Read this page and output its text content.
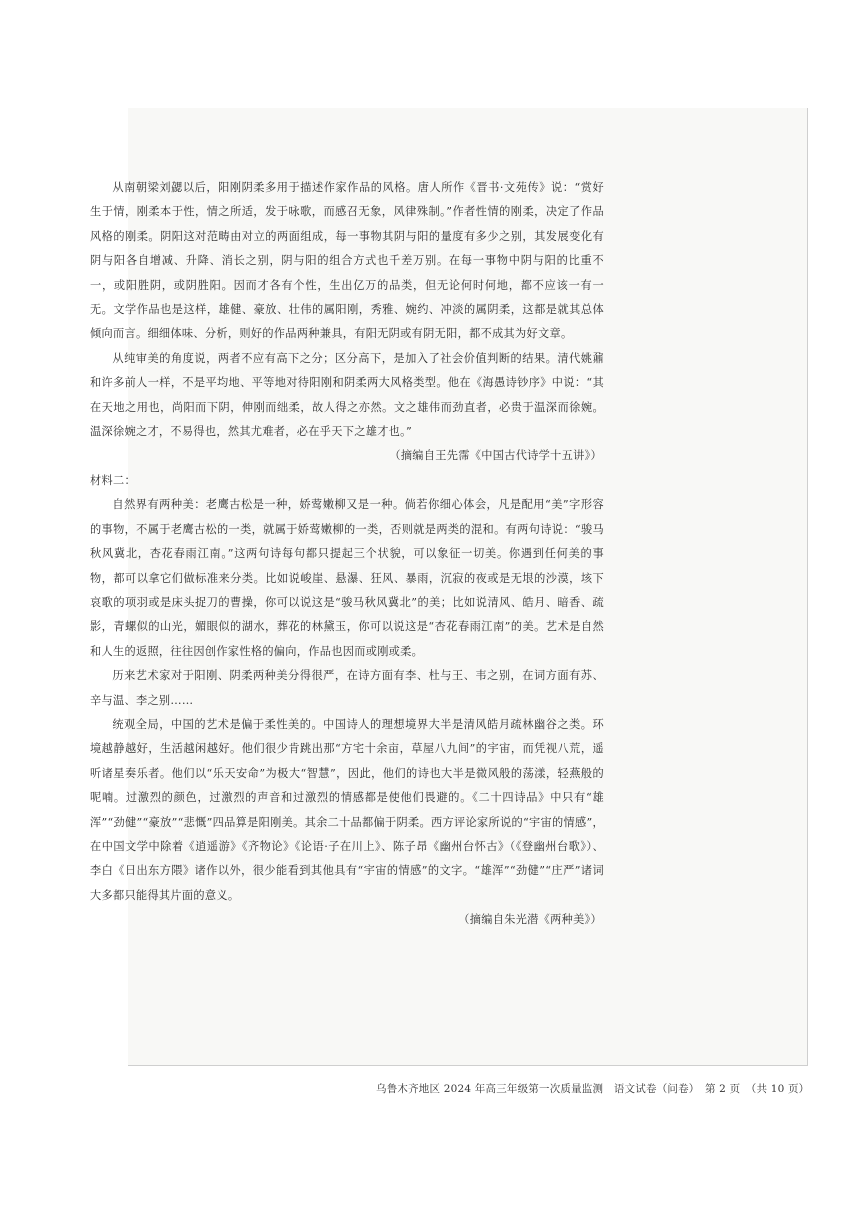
乌鲁木齐地区 2024 年高三年级第一次质量监测　语文试卷（问卷）　第 2 页　（共 10 页）

从南朝梁刘勰以后，阳刚阴柔多用于描述作家作品的风格。唐人所作《晋书·文苑传》说：“赏好生于情，刚柔本于性，情之所适，发于咏歌，而感召无象，风律殊制。”作者性情的刚柔，决定了作品风格的刚柔。阴阳这对范畴由对立的两面组成，每一事物其阴与阳的量度有多少之别，其发展变化有阴与阳各自增减、升降、消长之别，阴与阳的组合方式也千差万别。在每一事物中阴与阳的比重不一，或阳胜阴，或阴胜阳。因而才各有个性，生出亿万的品类，但无论何时何地，都不应该一有一无。文学作品也是这样，雄健、豪放、壮伟的属阳刚，秀雅、婉约、冲淡的属阴柔，这都是就其总体倾向而言。细细体味、分析，则好的作品两种兼具，有阳无阴或有阴无阳，都不成其为好文章。

从纯审美的角度说，两者不应有高下之分；区分高下，是加入了社会价值判断的结果。清代姚鼐和许多前人一样，不是平均地、平等地对待阳刚和阴柔两大风格类型。他在《海愚诗钞序》中说：“其在天地之用也，尚阳而下阴，伸刚而绌柔，故人得之亦然。文之雄伟而劲直者，必贵于温深而徐婉。温深徐婉之才，不易得也，然其尤难者，必在乎天下之雄才也。”

（摘编自王先霈《中国古代诗学十五讲》）

材料二：

自然界有两种美：老鹰古松是一种，娇莺嫩柳又是一种。倘若你细心体会，凡是配用“美”字形容的事物，不属于老鹰古松的一类，就属于娇莺嫩柳的一类，否则就是两类的混和。有两句诗说：“骏马秋风冀北，杏花春雨江南。”这两句诗每句都只提起三个状貌，可以象征一切美。你遇到任何美的事物，都可以拿它们做标准来分类。比如说峻崖、悬瀑、狂风、暴雨，沉寂的夜或是无垠的沙漠，垓下哀歌的项羽或是床头捉刀的曹操，你可以说这是“骏马秋风冀北”的美；比如说清风、皓月、暗香、疏影，青螺似的山光，媚眼似的湖水，葬花的林黛玉，你可以说这是“杏花春雨江南”的美。艺术是自然和人生的返照，往往因创作家性格的偏向，作品也因而或刚或柔。

历来艺术家对于阳刚、阴柔两种美分得很严，在诗方面有李、杜与王、韦之别，在词方面有苏、辛与温、李之别……

统观全局，中国的艺术是偏于柔性美的。中国诗人的理想境界大半是清风皓月疏林幽谷之类。环境越静越好，生活越闲越好。他们很少肯跳出那“方宅十余亩，草屋八九间”的宇宙，而凭视八荒，遥听诸星奏乐者。他们以“乐天安命”为极大“智慧”，因此，他们的诗也大半是微风般的荡漾，轻燕般的呢喃。过激烈的颜色，过激烈的声音和过激烈的情感都是使他们畏避的。《二十四诗品》中只有“雄浑”“劲健”“豪放”“悲慨”四品算是阳刚美。其余二十品都偏于阴柔。西方评论家所说的“宇宙的情感”，在中国文学中除着《逍遥游》《齐物论》《论语·子在川上》、陈子昂《幽州台怀古》（《登幽州台歌》）、李白《日出东方隈》诸作以外，很少能看到其他具有“宇宙的情感”的文字。“雄浑”“劲健”“庄严”诸词大多都只能得其片面的意义。

（摘编自朱光潜《两种美》）
